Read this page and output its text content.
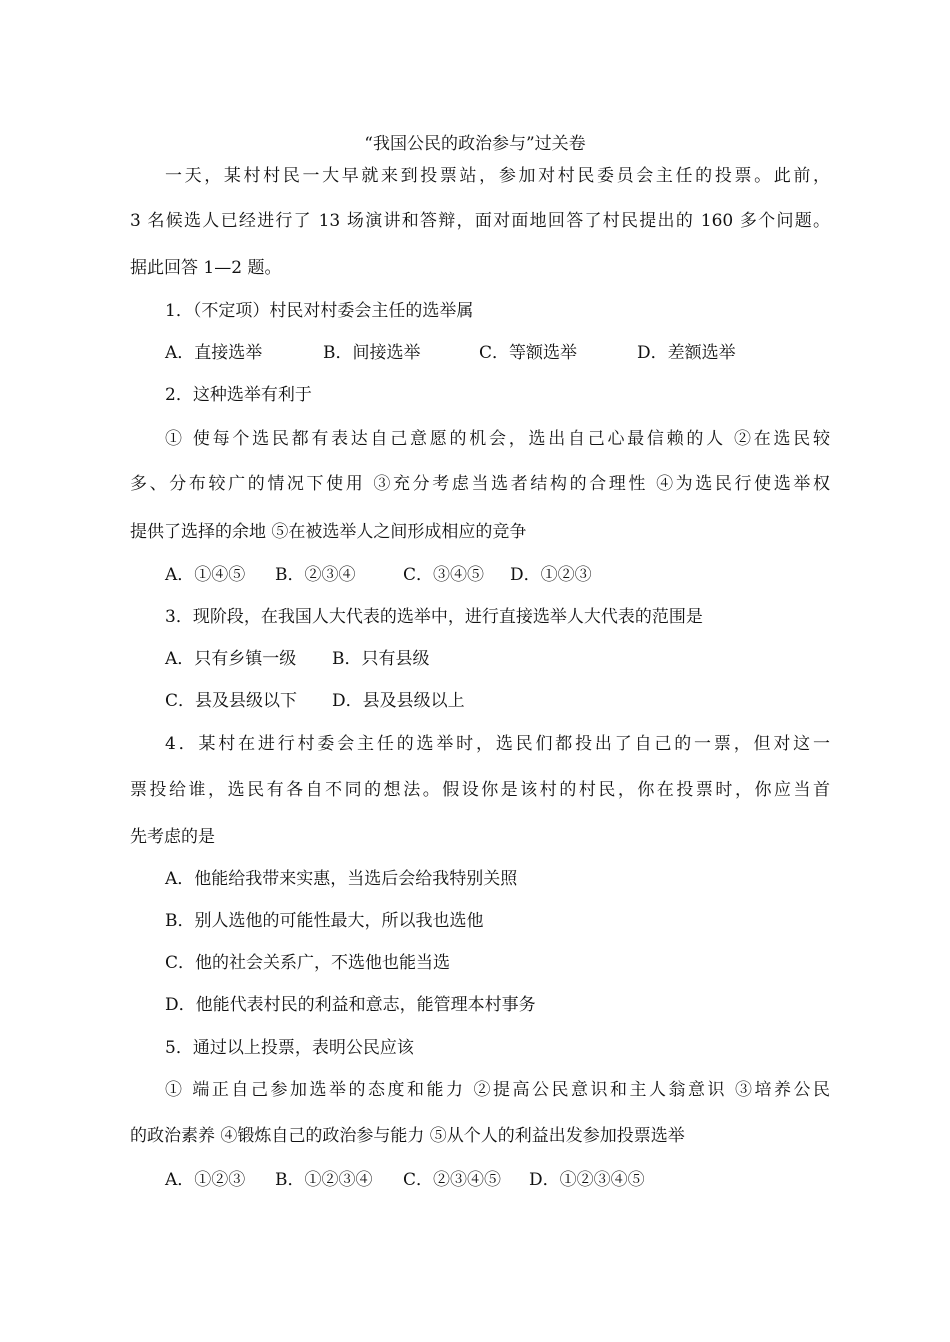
“我国公民的政治参与”过关卷
一天，某村村民一大早就来到投票站，参加对村民委员会主任的投票。此前，
3 名候选人已经进行了 13 场演讲和答辩，面对面地回答了村民提出的 160 多个问题。
据此回答 1—2 题。
1．（不定项）村民对村委会主任的选举属
A．直接选举	B．间接选举	C．等额选举	D．差额选举
2．这种选举有利于
① 使每个选民都有表达自己意愿的机会，选出自己心最信赖的人 ②在选民较
多、分布较广的情况下使用 ③充分考虑当选者结构的合理性 ④为选民行使选举权
提供了选择的余地 ⑤在被选举人之间形成相应的竞争
A．①④⑤ B．②③④	C．③④⑤ D．①②③
3．现阶段，在我国人大代表的选举中，进行直接选举人大代表的范围是
A．只有乡镇一级 B．只有县级
C．县及县级以下 D．县及县级以上
4．某村在进行村委会主任的选举时，选民们都投出了自己的一票，但对这一
票投给谁，选民有各自不同的想法。假设你是该村的村民，你在投票时，你应当首
先考虑的是
A．他能给我带来实惠，当选后会给我特别关照
B．别人选他的可能性最大，所以我也选他
C．他的社会关系广，不选他也能当选
D．他能代表村民的利益和意志，能管理本村事务
5．通过以上投票，表明公民应该
① 端正自己参加选举的态度和能力 ②提高公民意识和主人翁意识 ③培养公民
的政治素养 ④锻炼自己的政治参与能力 ⑤从个人的利益出发参加投票选举
A．①②③ B．①②③④ C．②③④⑤ D．①②③④⑤
